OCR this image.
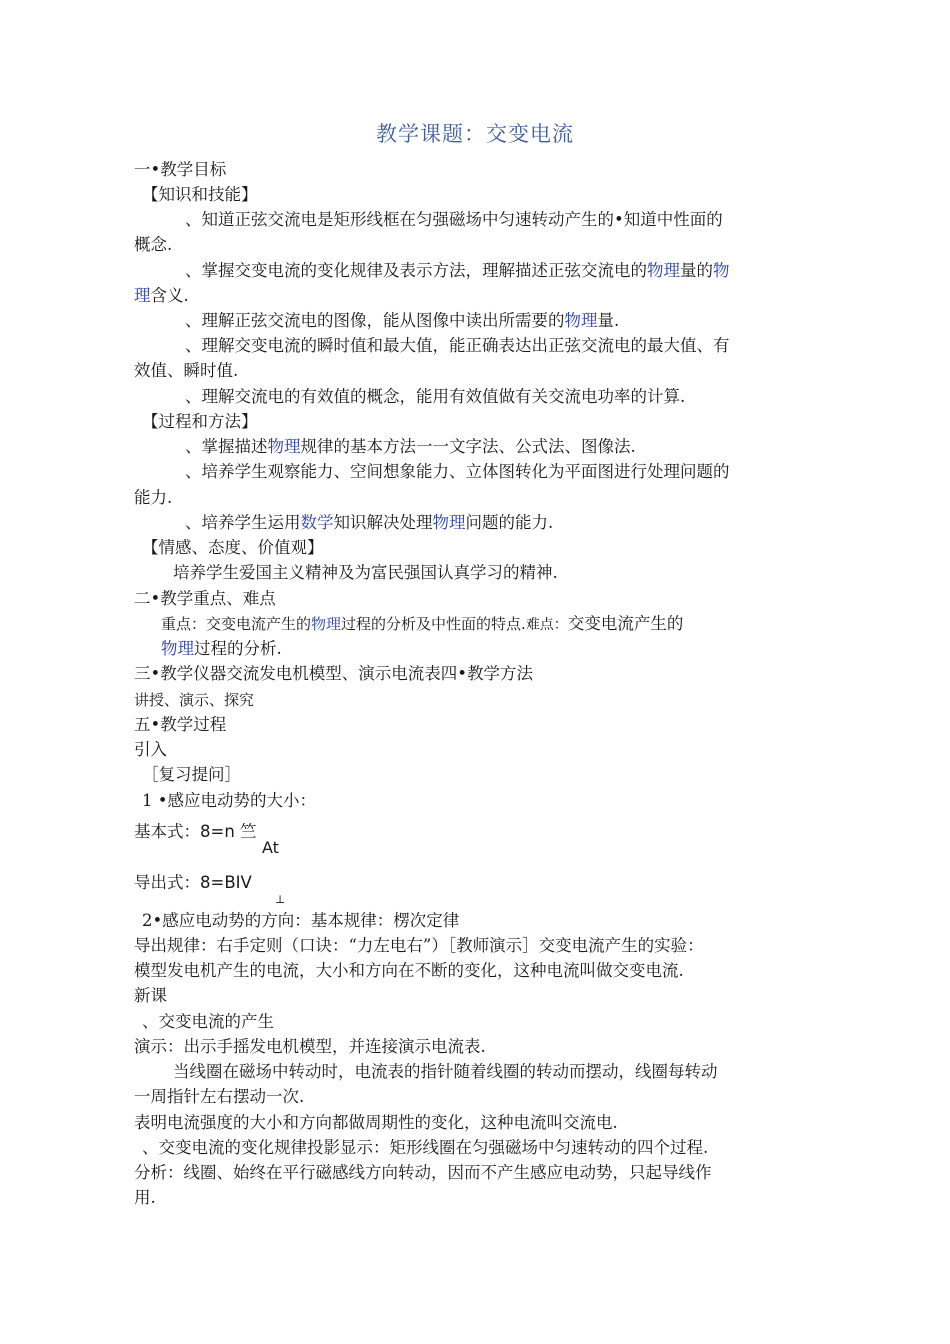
教学课题：交变电流
一•教学目标
【知识和技能】
、知道正弦交流电是矩形线框在匀强磁场中匀速转动产生的•知道中性面的
概念.
、掌握交变电流的变化规律及表示方法，理解描述正弦交流电的物理量的物
理含义.
、理解正弦交流电的图像，能从图像中读出所需要的物理量.
、理解交变电流的瞬时值和最大值，能正确表达出正弦交流电的最大值、有
效值、瞬时值.
、理解交流电的有效值的概念，能用有效值做有关交流电功率的计算.
【过程和方法】
、掌握描述物理规律的基本方法一一文字法、公式法、图像法.
、培养学生观察能力、空间想象能力、立体图转化为平面图进行处理问题的
能力.
、培养学生运用数学知识解决处理物理问题的能力.
【情感、态度、价值观】
培养学生爱国主义精神及为富民强国认真学习的精神.
二•教学重点、难点
重点：交变电流产生的物理过程的分析及中性面的特点.难点：交变电流产生的
物理过程的分析.
三•教学仪器交流发电机模型、演示电流表四•教学方法
讲授、演示、探究
五•教学过程
引入
［复习提问］
1 •感应电动势的大小：
基本式：8=n 竺
At
导出式：8=BIV
⊥
2•感应电动势的方向：基本规律：楞次定律
导出规律：右手定则（口诀：“力左电右”）［教师演示］交变电流产生的实验：
模型发电机产生的电流，大小和方向在不断的变化，这种电流叫做交变电流.
新课
、交变电流的产生
演示：出示手摇发电机模型，并连接演示电流表.
当线圈在磁场中转动时，电流表的指针随着线圈的转动而摆动，线圈每转动
一周指针左右摆动一次.
表明电流强度的大小和方向都做周期性的变化，这种电流叫交流电.
、交变电流的变化规律投影显示：矩形线圈在匀强磁场中匀速转动的四个过程.
分析：线圈、始终在平行磁感线方向转动，因而不产生感应电动势，只起导线作
用.
